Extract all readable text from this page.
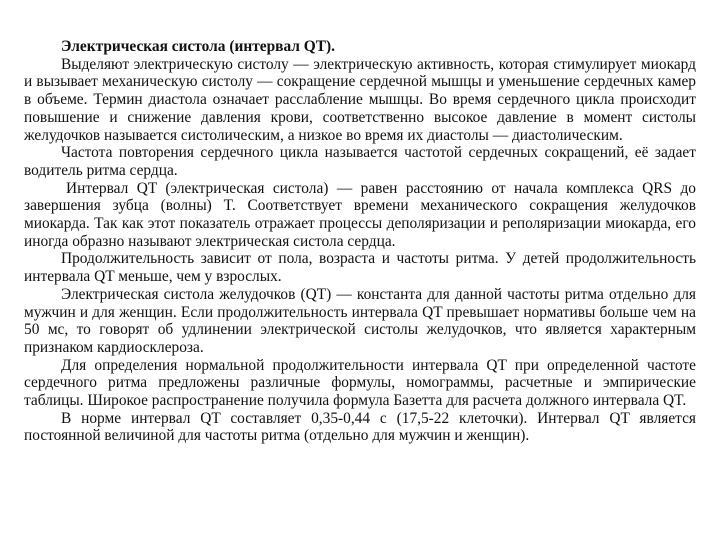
Электрическая систола (интервал QT).

Выделяют электрическую систолу — электрическую активность, которая стимулирует миокард и вызывает механическую систолу — сокращение сердечной мышцы и уменьшение сердечных камер в объеме. Термин диастола означает расслабление мышцы. Во время сердечного цикла происходит повышение и снижение давления крови, соответственно высокое давление в момент систолы желудочков называется систолическим, а низкое во время их диастолы — диастолическим.

Частота повторения сердечного цикла называется частотой сердечных сокращений, её задает водитель ритма сердца.

Интервал QT (электрическая систола) — равен расстоянию от начала комплекса QRS до завершения зубца (волны) T. Соответствует времени механического сокращения желудочков миокарда. Так как этот показатель отражает процессы деполяризации и реполяризации миокарда, его иногда образно называют электрическая систола сердца.

Продолжительность зависит от пола, возраста и частоты ритма. У детей продолжительность интервала QT меньше, чем у взрослых.

Электрическая систола желудочков (QT) — константа для данной частоты ритма отдельно для мужчин и для женщин. Если продолжительность интервала QT превышает нормативы больше чем на 50 мс, то говорят об удлинении электрической систолы желудочков, что является характерным признаком кардиосклероза.

Для определения нормальной продолжительности интервала QT при определенной частоте сердечного ритма предложены различные формулы, номограммы, расчетные и эмпирические таблицы. Широкое распространение получила формула Базетта для расчета должного интервала QT.

В норме интервал QT составляет 0,35-0,44 с (17,5-22 клеточки). Интервал QT является постоянной величиной для частоты ритма (отдельно для мужчин и женщин).
